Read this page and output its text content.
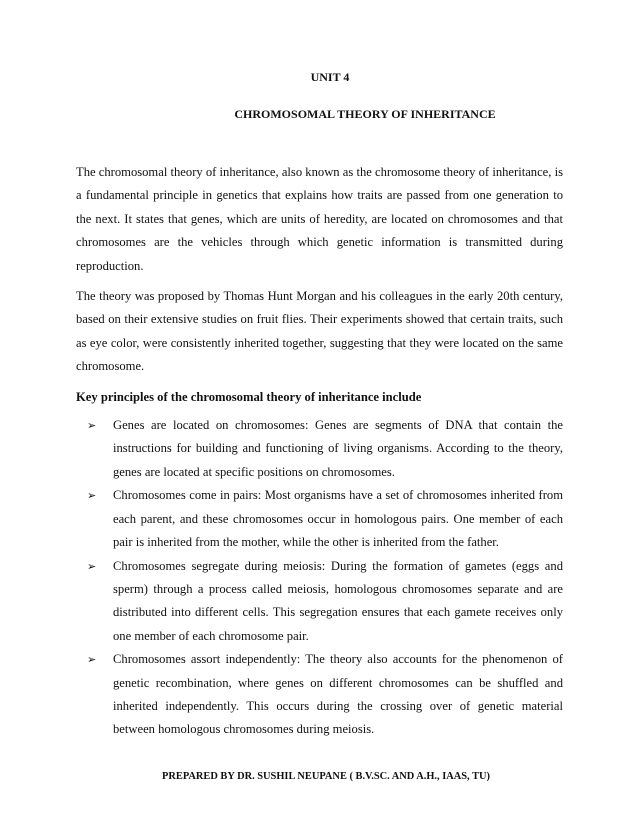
UNIT 4
CHROMOSOMAL THEORY OF INHERITANCE

The chromosomal theory of inheritance, also known as the chromosome theory of inheritance, is a fundamental principle in genetics that explains how traits are passed from one generation to the next. It states that genes, which are units of heredity, are located on chromosomes and that chromosomes are the vehicles through which genetic information is transmitted during reproduction.

The theory was proposed by Thomas Hunt Morgan and his colleagues in the early 20th century, based on their extensive studies on fruit flies. Their experiments showed that certain traits, such as eye color, were consistently inherited together, suggesting that they were located on the same chromosome.

Key principles of the chromosomal theory of inheritance include

➢ Genes are located on chromosomes: Genes are segments of DNA that contain the instructions for building and functioning of living organisms. According to the theory, genes are located at specific positions on chromosomes.
➢ Chromosomes come in pairs: Most organisms have a set of chromosomes inherited from each parent, and these chromosomes occur in homologous pairs. One member of each pair is inherited from the mother, while the other is inherited from the father.
➢ Chromosomes segregate during meiosis: During the formation of gametes (eggs and sperm) through a process called meiosis, homologous chromosomes separate and are distributed into different cells. This segregation ensures that each gamete receives only one member of each chromosome pair.
➢ Chromosomes assort independently: The theory also accounts for the phenomenon of genetic recombination, where genes on different chromosomes can be shuffled and inherited independently. This occurs during the crossing over of genetic material between homologous chromosomes during meiosis.
PREPARED BY DR. SUSHIL NEUPANE ( B.V.SC. AND A.H., IAAS, TU)
